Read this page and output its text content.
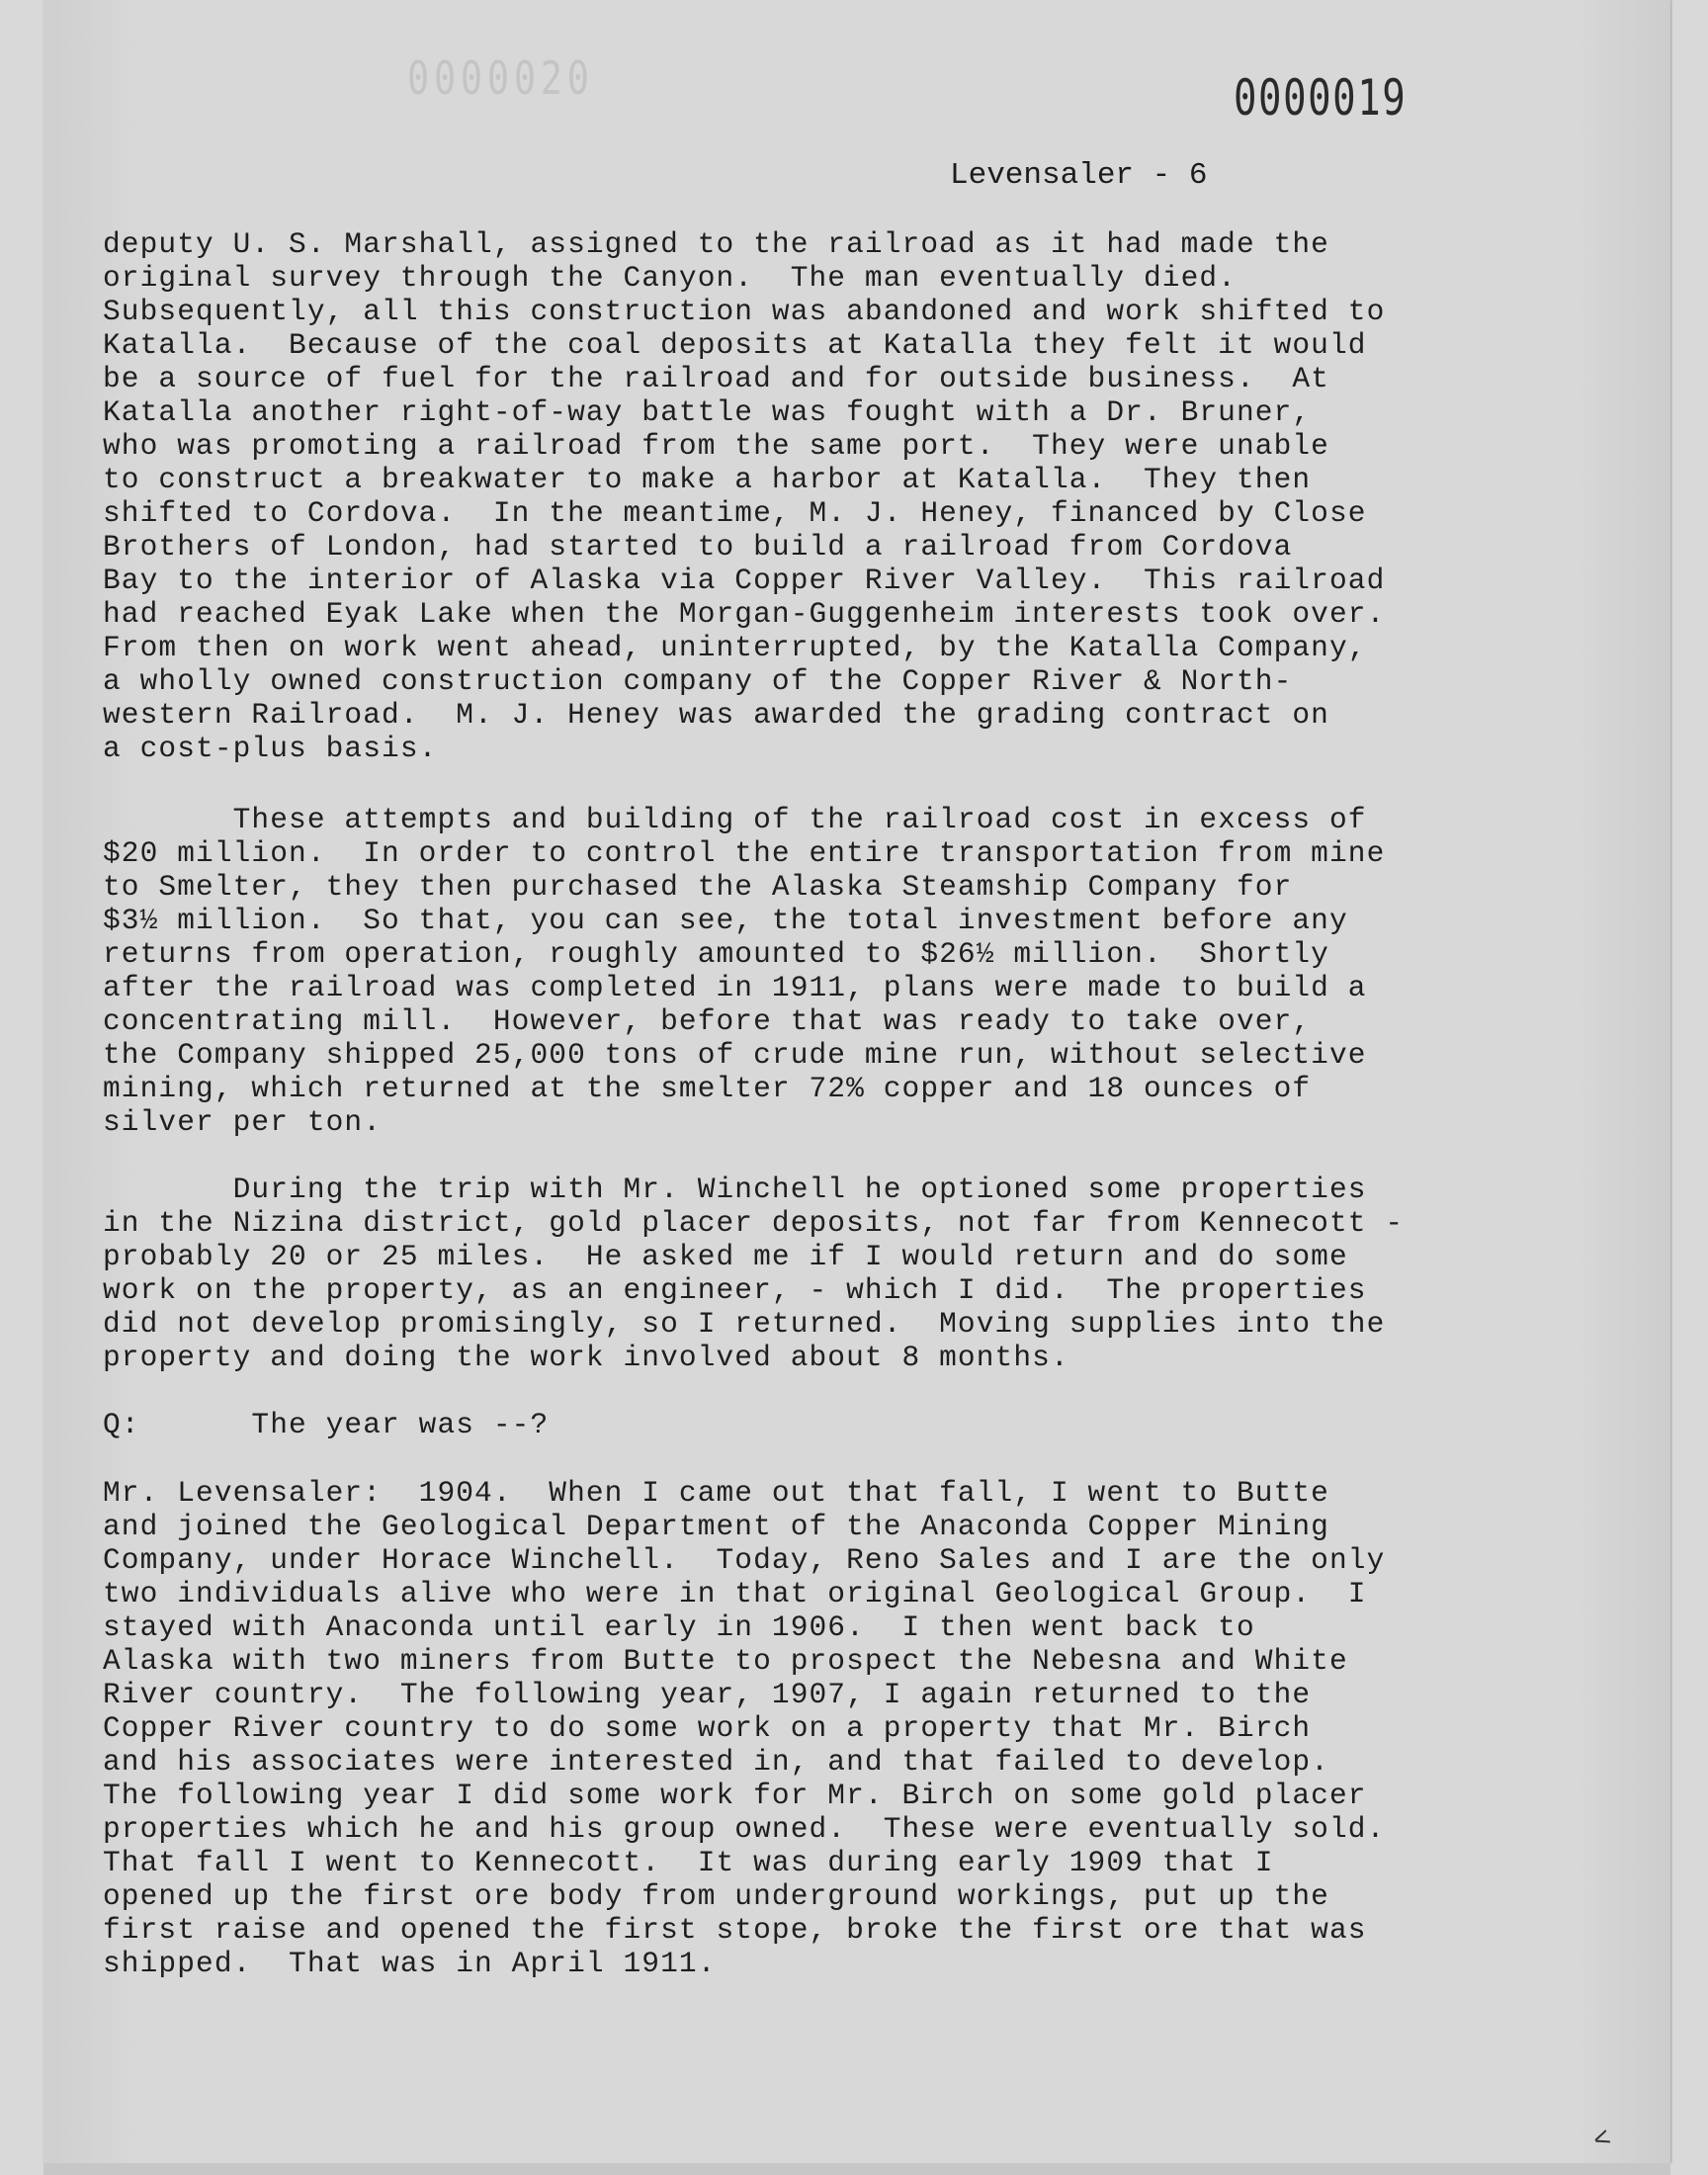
0000020	0000019
Levensaler - 6
deputy U. S. Marshall, assigned to the railroad as it had made the
original survey through the Canyon.  The man eventually died.
Subsequently, all this construction was abandoned and work shifted to
Katalla.  Because of the coal deposits at Katalla they felt it would
be a source of fuel for the railroad and for outside business.  At
Katalla another right-of-way battle was fought with a Dr. Bruner,
who was promoting a railroad from the same port.  They were unable
to construct a breakwater to make a harbor at Katalla.  They then
shifted to Cordova.  In the meantime, M. J. Heney, financed by Close
Brothers of London, had started to build a railroad from Cordova
Bay to the interior of Alaska via Copper River Valley.  This railroad
had reached Eyak Lake when the Morgan-Guggenheim interests took over.
From then on work went ahead, uninterrupted, by the Katalla Company,
a wholly owned construction company of the Copper River & North-
western Railroad.  M. J. Heney was awarded the grading contract on
a cost-plus basis.
These attempts and building of the railroad cost in excess of
$20 million.  In order to control the entire transportation from mine
to Smelter, they then purchased the Alaska Steamship Company for
$3½ million.  So that, you can see, the total investment before any
returns from operation, roughly amounted to $26½ million.  Shortly
after the railroad was completed in 1911, plans were made to build a
concentrating mill.  However, before that was ready to take over,
the Company shipped 25,000 tons of crude mine run, without selective
mining, which returned at the smelter 72% copper and 18 ounces of
silver per ton.
During the trip with Mr. Winchell he optioned some properties
in the Nizina district, gold placer deposits, not far from Kennecott -
probably 20 or 25 miles.  He asked me if I would return and do some
work on the property, as an engineer, - which I did.  The properties
did not develop promisingly, so I returned.  Moving supplies into the
property and doing the work involved about 8 months.
Q:      The year was --?
Mr. Levensaler:  1904.  When I came out that fall, I went to Butte
and joined the Geological Department of the Anaconda Copper Mining
Company, under Horace Winchell.  Today, Reno Sales and I are the only
two individuals alive who were in that original Geological Group.  I
stayed with Anaconda until early in 1906.  I then went back to
Alaska with two miners from Butte to prospect the Nebesna and White
River country.  The following year, 1907, I again returned to the
Copper River country to do some work on a property that Mr. Birch
and his associates were interested in, and that failed to develop.
The following year I did some work for Mr. Birch on some gold placer
properties which he and his group owned.  These were eventually sold.
That fall I went to Kennecott.  It was during early 1909 that I
opened up the first ore body from underground workings, put up the
first raise and opened the first stope, broke the first ore that was
shipped.  That was in April 1911.
<
